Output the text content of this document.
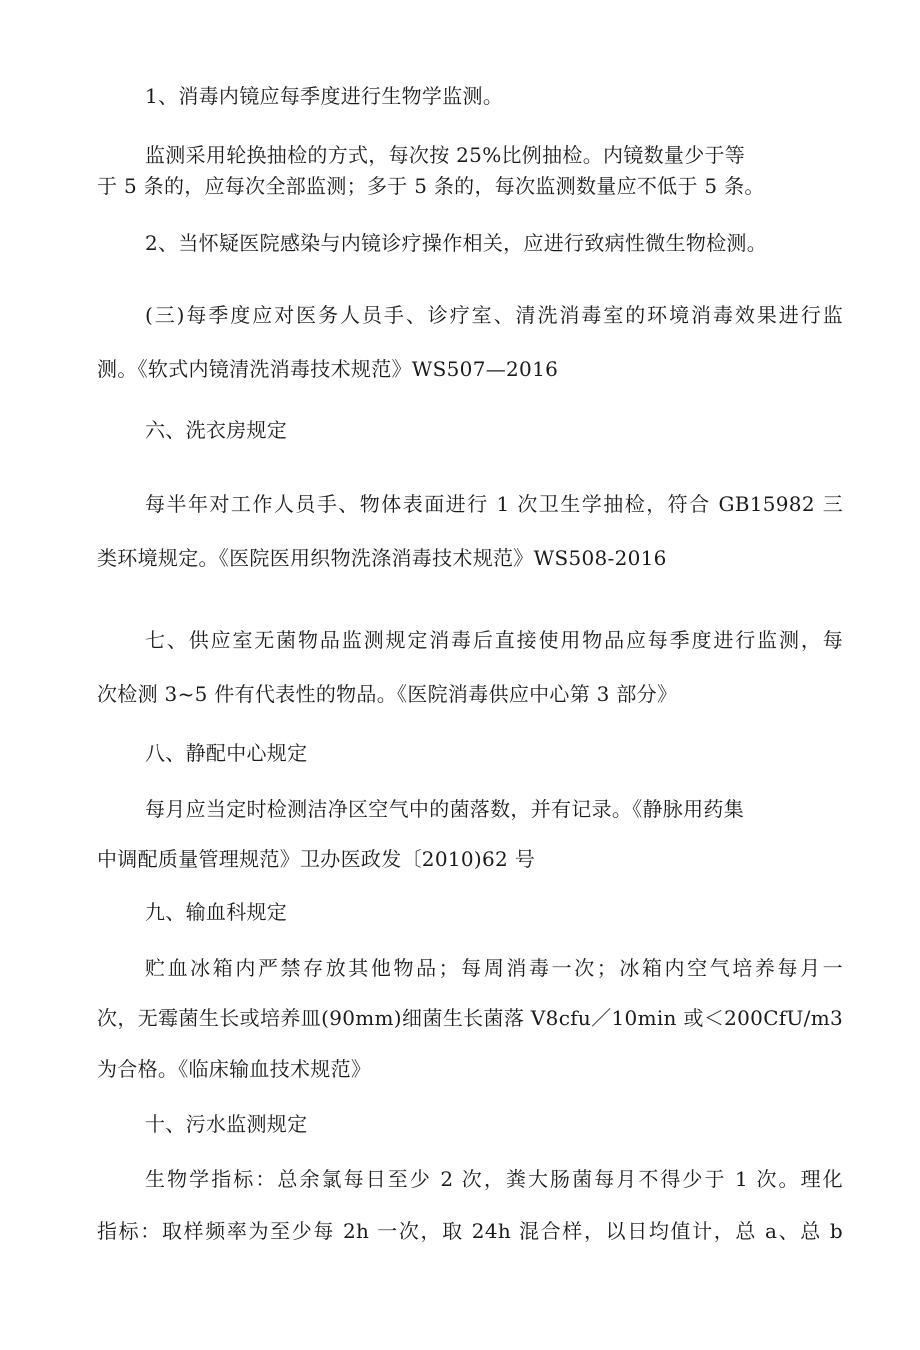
1、消毒内镜应每季度进行生物学监测。
监测采用轮换抽检的方式，每次按 25%比例抽检。内镜数量少于等
于 5 条的，应每次全部监测；多于 5 条的，每次监测数量应不低于 5 条。
2、当怀疑医院感染与内镜诊疗操作相关，应进行致病性微生物检测。
(三)每季度应对医务人员手、诊疗室、清洗消毒室的环境消毒效果进行监
测。《软式内镜清洗消毒技术规范》WS507—2016
六、洗衣房规定
每半年对工作人员手、物体表面进行 1 次卫生学抽检，符合 GB15982 三
类环境规定。《医院医用织物洗涤消毒技术规范》WS508-2016
七、供应室无菌物品监测规定消毒后直接使用物品应每季度进行监测，每
次检测 3~5 件有代表性的物品。《医院消毒供应中心第 3 部分》
八、静配中心规定
每月应当定时检测洁净区空气中的菌落数，并有记录。《静脉用药集
中调配质量管理规范》卫办医政发〔2010)62 号
九、输血科规定
贮血冰箱内严禁存放其他物品；每周消毒一次；冰箱内空气培养每月一
次，无霉菌生长或培养皿(90mm)细菌生长菌落 V8cfu／10min 或＜200CfU/m3
为合格。《临床输血技术规范》
十、污水监测规定
生物学指标：总余氯每日至少 2 次，粪大肠菌每月不得少于 1 次。理化
指标：取样频率为至少每 2h 一次，取 24h 混合样，以日均值计，总 a、总 b
